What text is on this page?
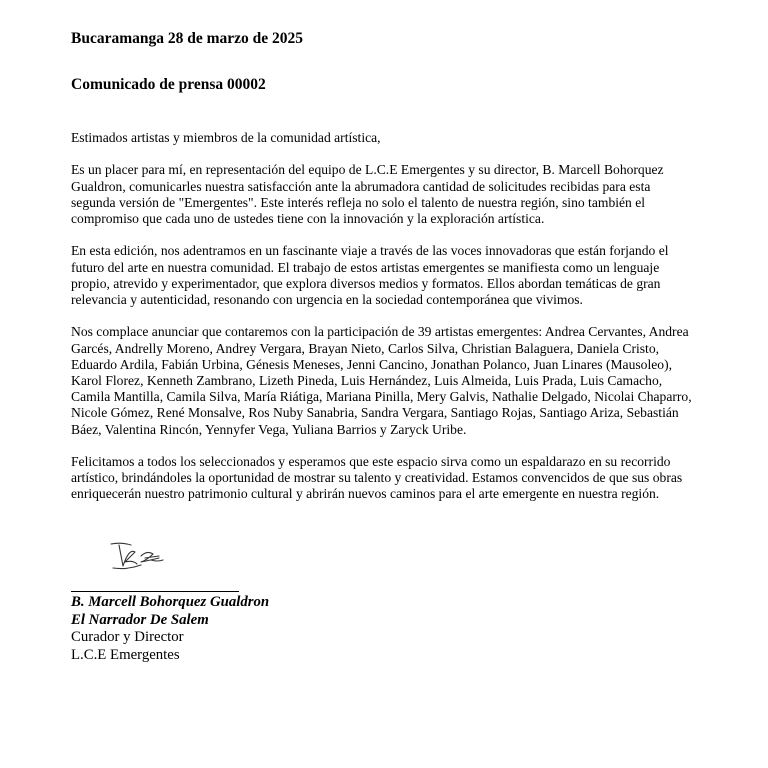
Bucaramanga 28 de marzo de 2025
Comunicado de prensa 00002

Estimados artistas y miembros de la comunidad artística,

Es un placer para mí, en representación del equipo de L.C.E Emergentes y su director, B. Marcell Bohorquez Gualdron, comunicarles nuestra satisfacción ante la abrumadora cantidad de solicitudes recibidas para esta segunda versión de "Emergentes". Este interés refleja no solo el talento de nuestra región, sino también el compromiso que cada uno de ustedes tiene con la innovación y la exploración artística.

En esta edición, nos adentramos en un fascinante viaje a través de las voces innovadoras que están forjando el futuro del arte en nuestra comunidad. El trabajo de estos artistas emergentes se manifiesta como un lenguaje propio, atrevido y experimentador, que explora diversos medios y formatos. Ellos abordan temáticas de gran relevancia y autenticidad, resonando con urgencia en la sociedad contemporánea que vivimos.

Nos complace anunciar que contaremos con la participación de 39 artistas emergentes: Andrea Cervantes, Andrea Garcés, Andrelly Moreno, Andrey Vergara, Brayan Nieto, Carlos Silva, Christian Balaguera, Daniela Cristo, Eduardo Ardila, Fabián Urbina, Génesis Meneses, Jenni Cancino, Jonathan Polanco, Juan Linares (Mausoleo), Karol Florez, Kenneth Zambrano, Lizeth Pineda, Luis Hernández, Luis Almeida, Luis Prada, Luis Camacho, Camila Mantilla, Camila Silva, María Riátiga, Mariana Pinilla, Mery Galvis, Nathalie Delgado, Nicolai Chaparro, Nicole Gómez, René Monsalve, Ros Nuby Sanabria, Sandra Vergara, Santiago Rojas, Santiago Ariza, Sebastián Báez, Valentina Rincón, Yennyfer Vega, Yuliana Barrios y Zaryck Uribe.

Felicitamos a todos los seleccionados y esperamos que este espacio sirva como un espaldarazo en su recorrido artístico, brindándoles la oportunidad de mostrar su talento y creatividad. Estamos convencidos de que sus obras enriquecerán nuestro patrimonio cultural y abrirán nuevos caminos para el arte emergente en nuestra región.

B. Marcell Bohorquez Gualdron
El Narrador De Salem
Curador y Director
L.C.E Emergentes
